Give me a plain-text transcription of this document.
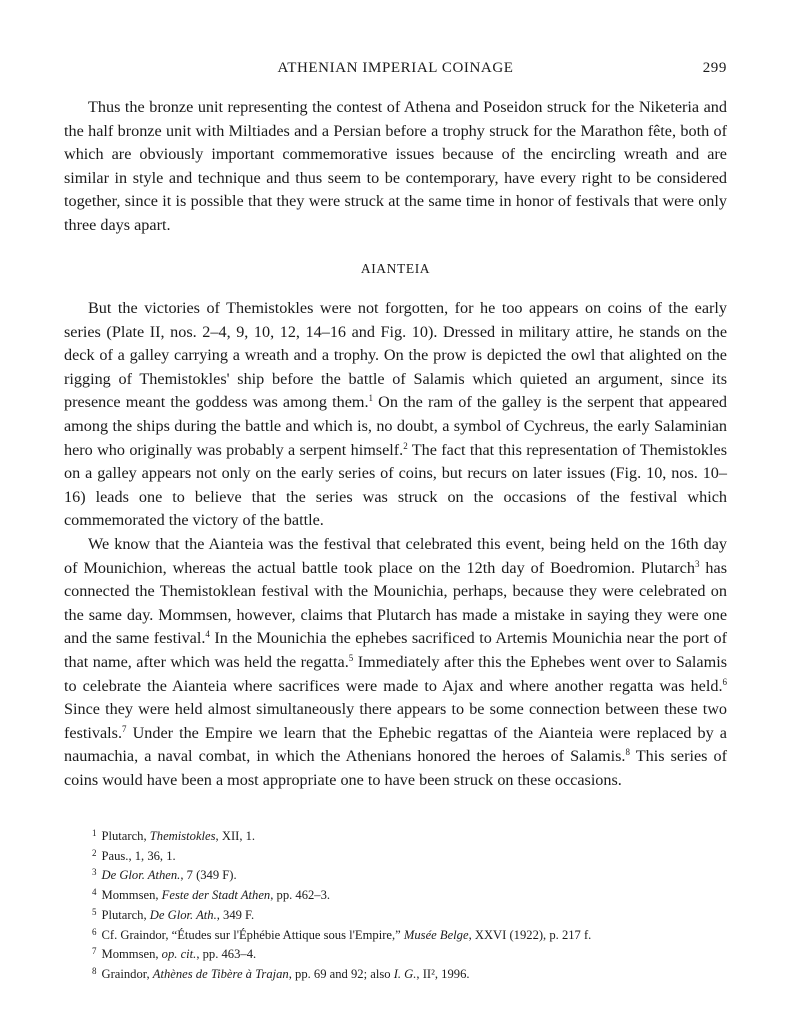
ATHENIAN IMPERIAL COINAGE	299

Thus the bronze unit representing the contest of Athena and Poseidon struck for the Niketeria and the half bronze unit with Miltiades and a Persian before a trophy struck for the Marathon fête, both of which are obviously important commemorative issues because of the encircling wreath and are similar in style and technique and thus seem to be contemporary, have every right to be considered together, since it is possible that they were struck at the same time in honor of festivals that were only three days apart.

AIANTEIA

But the victories of Themistokles were not forgotten, for he too appears on coins of the early series (Plate II, nos. 2–4, 9, 10, 12, 14–16 and Fig. 10). Dressed in military attire, he stands on the deck of a galley carrying a wreath and a trophy. On the prow is depicted the owl that alighted on the rigging of Themistokles' ship before the battle of Salamis which quieted an argument, since its presence meant the goddess was among them.$^1$ On the ram of the galley is the serpent that appeared among the ships during the battle and which is, no doubt, a symbol of Cychreus, the early Salaminian hero who originally was probably a serpent himself.$^2$ The fact that this representation of Themistokles on a galley appears not only on the early series of coins, but recurs on later issues (Fig. 10, nos. 10–16) leads one to believe that the series was struck on the occasions of the festival which commemorated the victory of the battle.

We know that the Aianteia was the festival that celebrated this event, being held on the 16th day of Mounichion, whereas the actual battle took place on the 12th day of Boedromion. Plutarch$^3$ has connected the Themistoklean festival with the Mounichia, perhaps, because they were celebrated on the same day. Mommsen, however, claims that Plutarch has made a mistake in saying they were one and the same festival.$^4$ In the Mounichia the ephebes sacrificed to Artemis Mounichia near the port of that name, after which was held the regatta.$^5$ Immediately after this the Ephebes went over to Salamis to celebrate the Aianteia where sacrifices were made to Ajax and where another regatta was held.$^6$ Since they were held almost simultaneously there appears to be some connection between these two festivals.$^7$ Under the Empire we learn that the Ephebic regattas of the Aianteia were replaced by a naumachia, a naval combat, in which the Athenians honored the heroes of Salamis.$^8$ This series of coins would have been a most appropriate one to have been struck on these occasions.

$^1$ Plutarch, Themistokles, XII, 1.
$^2$ Paus., 1, 36, 1.
$^3$ De Glor. Athen., 7 (349 F).
$^4$ Mommsen, Feste der Stadt Athen, pp. 462–3.
$^5$ Plutarch, De Glor. Ath., 349 F.
$^6$ Cf. Graindor, “Études sur l'Éphébie Attique sous l'Empire,” Musée Belge, XXVI (1922), p. 217 f.
$^7$ Mommsen, op. cit., pp. 463–4.
$^8$ Graindor, Athènes de Tibère à Trajan, pp. 69 and 92; also I. G., II², 1996.
